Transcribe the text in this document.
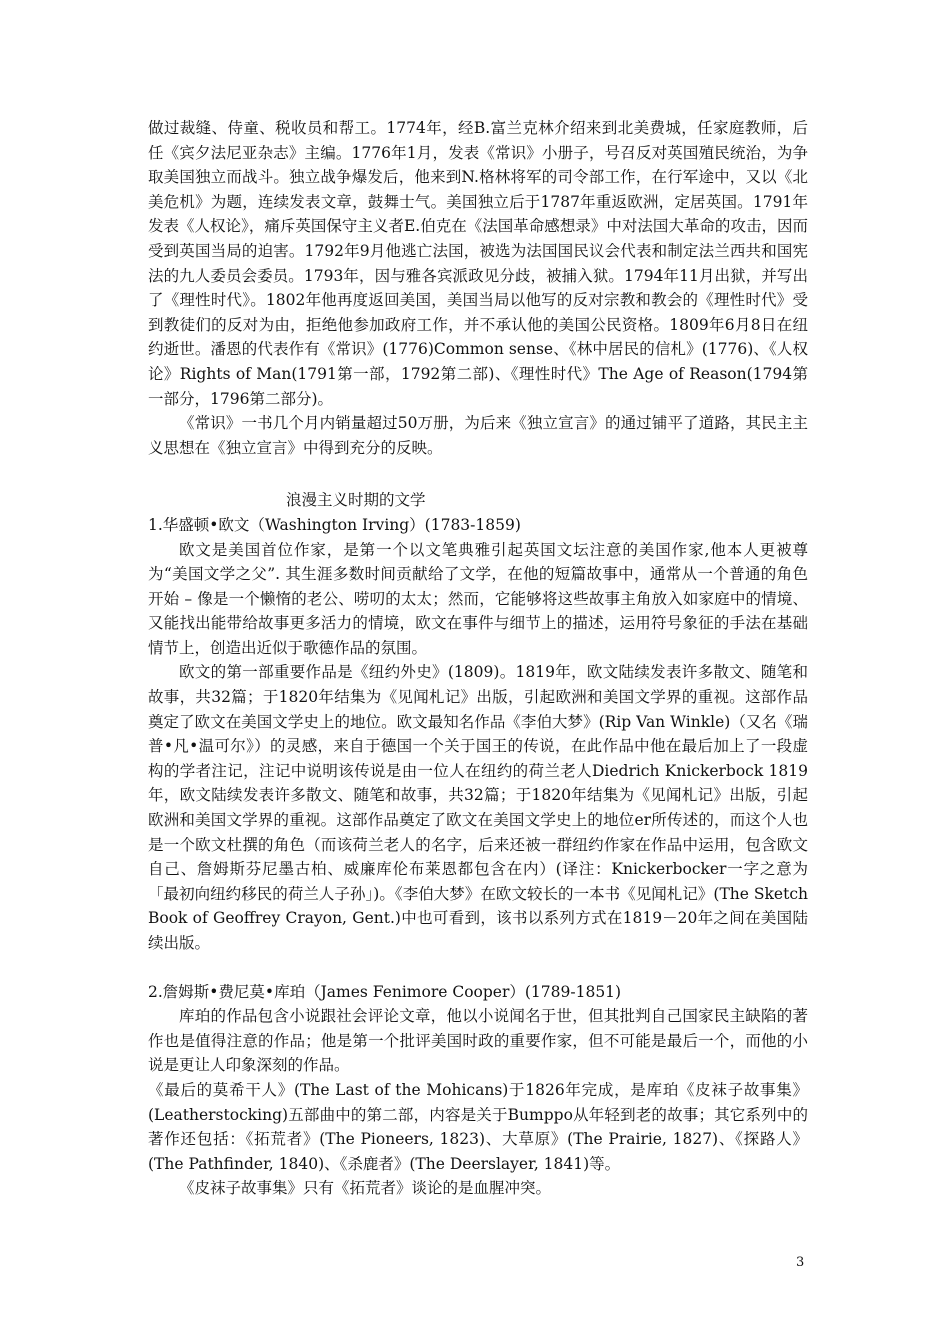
做过裁缝、侍童、税收员和帮工。1774年，经B.富兰克林介绍来到北美费城，任家庭教师，后任《宾夕法尼亚杂志》主编。1776年1月，发表《常识》小册子，号召反对英国殖民统治，为争取美国独立而战斗。独立战争爆发后，他来到N.格林将军的司令部工作，在行军途中，又以《北美危机》为题，连续发表文章，鼓舞士气。美国独立后于1787年重返欧洲，定居英国。1791年发表《人权论》，痛斥英国保守主义者E.伯克在《法国革命感想录》中对法国大革命的攻击，因而受到英国当局的迫害。1792年9月他逃亡法国，被选为法国国民议会代表和制定法兰西共和国宪法的九人委员会委员。1793年，因与雅各宾派政见分歧，被捕入狱。1794年11月出狱，并写出了《理性时代》。1802年他再度返回美国，美国当局以他写的反对宗教和教会的《理性时代》受到教徒们的反对为由，拒绝他参加政府工作，并不承认他的美国公民资格。1809年6月8日在纽约逝世。潘恩的代表作有《常识》(1776)Common sense、《林中居民的信札》(1776)、《人权论》Rights of Man(1791第一部，1792第二部)、《理性时代》The Age of Reason(1794第一部分，1796第二部分)。

《常识》一书几个月内销量超过50万册，为后来《独立宣言》的通过铺平了道路，其民主主义思想在《独立宣言》中得到充分的反映。

浪漫主义时期的文学

1.华盛顿•欧文（Washington Irving）(1783-1859)

欧文是美国首位作家，是第一个以文笔典雅引起英国文坛注意的美国作家,他本人更被尊为“美国文学之父”. 其生涯多数时间贡献给了文学，在他的短篇故事中，通常从一个普通的角色开始 – 像是一个懒惰的老公、唠叨的太太；然而，它能够将这些故事主角放入如家庭中的情境、又能找出能带给故事更多活力的情境，欧文在事件与细节上的描述，运用符号象征的手法在基础情节上，创造出近似于歌德作品的氛围。

欧文的第一部重要作品是《纽约外史》(1809)。1819年，欧文陆续发表许多散文、随笔和故事，共32篇；于1820年结集为《见闻札记》出版，引起欧洲和美国文学界的重视。这部作品奠定了欧文在美国文学史上的地位。欧文最知名作品《李伯大梦》(Rip Van Winkle)（又名《瑞普•凡•温可尔》）的灵感，来自于德国一个关于国王的传说，在此作品中他在最后加上了一段虚构的学者注记，注记中说明该传说是由一位人在纽约的荷兰老人Diedrich Knickerbock 1819年，欧文陆续发表许多散文、随笔和故事，共32篇；于1820年结集为《见闻札记》出版，引起欧洲和美国文学界的重视。这部作品奠定了欧文在美国文学史上的地位er所传述的，而这个人也是一个欧文杜撰的角色（而该荷兰老人的名字，后来还被一群纽约作家在作品中运用，包含欧文自己、詹姆斯芬尼墨古柏、威廉库伦布莱恩都包含在内）(译注：Knickerbocker一字之意为「最初向纽约移民的荷兰人子孙」)。《李伯大梦》在欧文较长的一本书《见闻札记》(The Sketch Book of Geoffrey Crayon, Gent.)中也可看到，该书以系列方式在1819－20年之间在美国陆续出版。

2.詹姆斯•费尼莫•库珀（James Fenimore Cooper）(1789-1851)

库珀的作品包含小说跟社会评论文章，他以小说闻名于世，但其批判自己国家民主缺陷的著作也是值得注意的作品；他是第一个批评美国时政的重要作家，但不可能是最后一个，而他的小说是更让人印象深刻的作品。

《最后的莫希干人》(The Last of the Mohicans)于1826年完成，是库珀《皮袜子故事集》(Leatherstocking)五部曲中的第二部，内容是关于Bumppo从年轻到老的故事；其它系列中的著作还包括：《拓荒者》(The Pioneers, 1823)、大草原》(The Prairie, 1827)、《探路人》(The Pathfinder, 1840)、《杀鹿者》(The Deerslayer, 1841)等。

《皮袜子故事集》只有《拓荒者》谈论的是血腥冲突。

3
